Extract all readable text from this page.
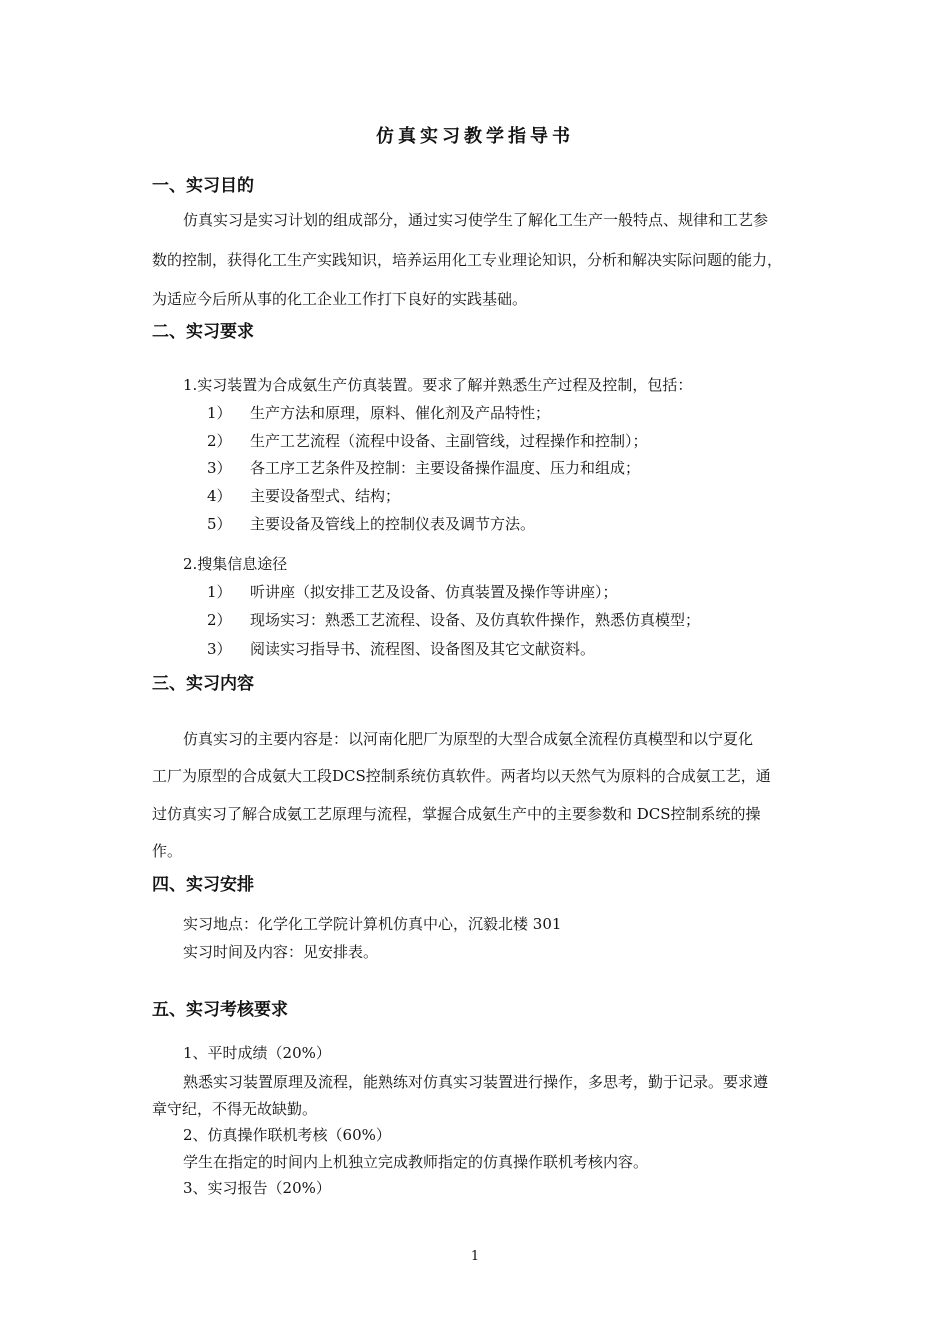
仿真实习教学指导书
一、实习目的
仿真实习是实习计划的组成部分，通过实习使学生了解化工生产一般特点、规律和工艺参
数的控制，获得化工生产实践知识，培养运用化工专业理论知识，分析和解决实际问题的能力，
为适应今后所从事的化工企业工作打下良好的实践基础。
二、实习要求
1.实习装置为合成氨生产仿真装置。要求了解并熟悉生产过程及控制，包括：
1） 生产方法和原理，原料、催化剂及产品特性；
2） 生产工艺流程（流程中设备、主副管线，过程操作和控制）；
3） 各工序工艺条件及控制：主要设备操作温度、压力和组成；
4） 主要设备型式、结构；
5） 主要设备及管线上的控制仪表及调节方法。
2.搜集信息途径
1） 听讲座（拟安排工艺及设备、仿真装置及操作等讲座）；
2） 现场实习：熟悉工艺流程、设备、及仿真软件操作，熟悉仿真模型；
3） 阅读实习指导书、流程图、设备图及其它文献资料。
三、实习内容
仿真实习的主要内容是：以河南化肥厂为原型的大型合成氨全流程仿真模型和以宁夏化
工厂为原型的合成氨大工段DCS控制系统仿真软件。两者均以天然气为原料的合成氨工艺，通
过仿真实习了解合成氨工艺原理与流程，掌握合成氨生产中的主要参数和 DCS控制系统的操
作。
四、实习安排
实习地点：化学化工学院计算机仿真中心，沉毅北楼 301
实习时间及内容：见安排表。
五、实习考核要求
1、平时成绩（20%）
熟悉实习装置原理及流程，能熟练对仿真实习装置进行操作，多思考，勤于记录。要求遵
章守纪，不得无故缺勤。
2、仿真操作联机考核（60%）
学生在指定的时间内上机独立完成教师指定的仿真操作联机考核内容。
3、实习报告（20%）
1
